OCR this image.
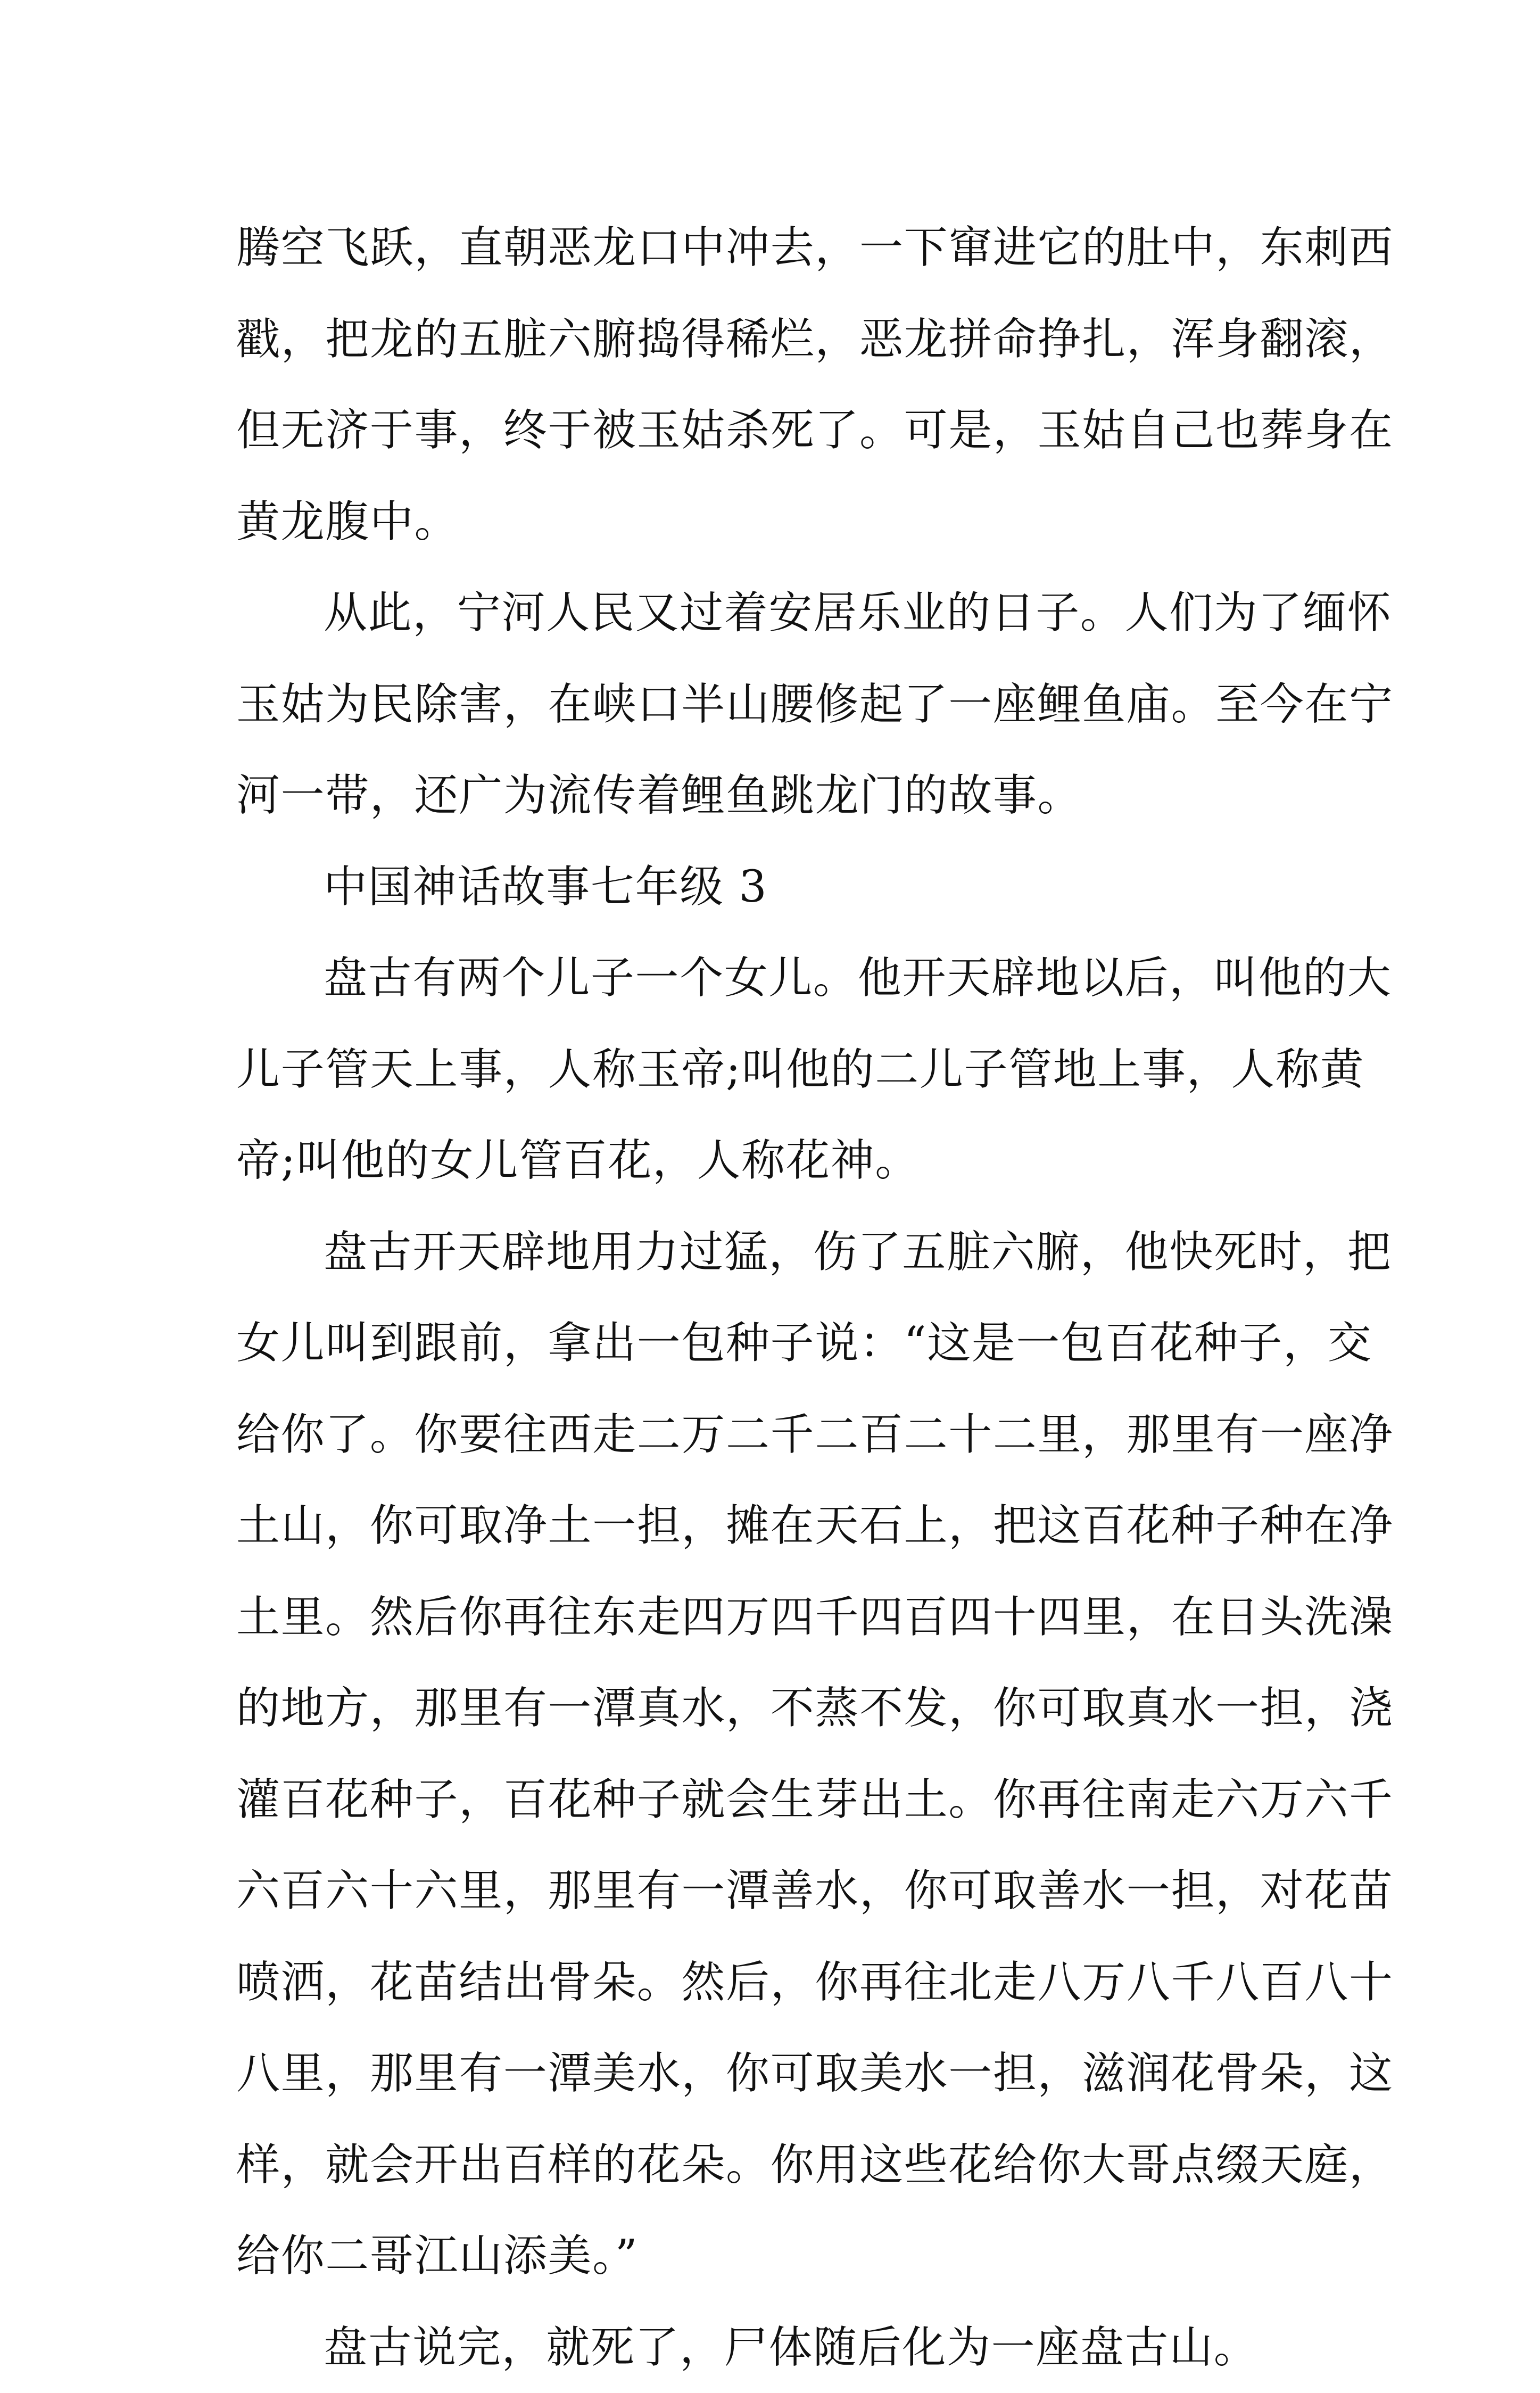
腾空飞跃，直朝恶龙口中冲去，一下窜进它的肚中，东刺西
戳，把龙的五脏六腑捣得稀烂，恶龙拼命挣扎，浑身翻滚，
但无济于事，终于被玉姑杀死了。可是，玉姑自己也葬身在
黄龙腹中。
从此，宁河人民又过着安居乐业的日子。人们为了缅怀
玉姑为民除害，在峡口半山腰修起了一座鲤鱼庙。至今在宁
河一带，还广为流传着鲤鱼跳龙门的故事。
中国神话故事七年级 3
盘古有两个儿子一个女儿。他开天辟地以后，叫他的大
儿子管天上事，人称玉帝;叫他的二儿子管地上事，人称黄
帝;叫他的女儿管百花，人称花神。
盘古开天辟地用力过猛，伤了五脏六腑，他快死时，把
女儿叫到跟前，拿出一包种子说：“这是一包百花种子，交
给你了。你要往西走二万二千二百二十二里，那里有一座净
土山，你可取净土一担，摊在天石上，把这百花种子种在净
土里。然后你再往东走四万四千四百四十四里，在日头洗澡
的地方，那里有一潭真水，不蒸不发，你可取真水一担，浇
灌百花种子，百花种子就会生芽出土。你再往南走六万六千
六百六十六里，那里有一潭善水，你可取善水一担，对花苗
喷洒，花苗结出骨朵。然后，你再往北走八万八千八百八十
八里，那里有一潭美水，你可取美水一担，滋润花骨朵，这
样，就会开出百样的花朵。你用这些花给你大哥点缀天庭，
给你二哥江山添美。”
盘古说完，就死了，尸体随后化为一座盘古山。
